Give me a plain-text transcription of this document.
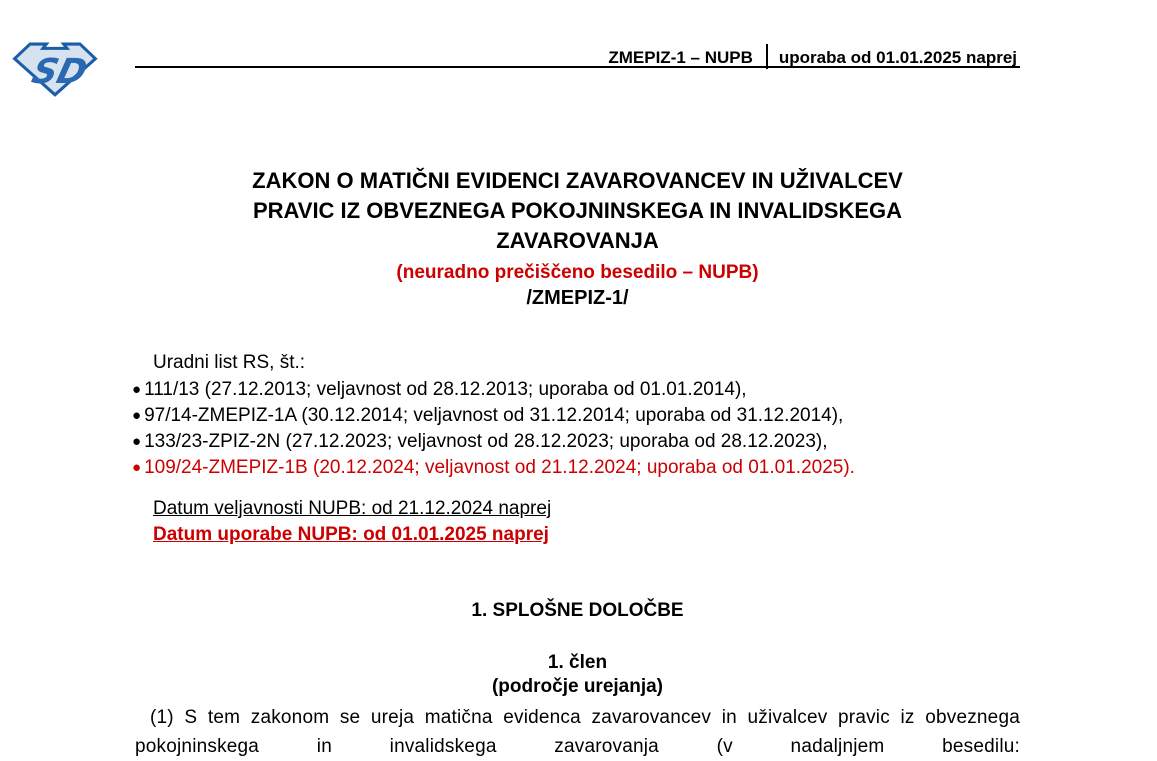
SD	ZMEPIZ-1 – NUPB uporaba od 01.01.2025 naprej
ZAKON O MATIČNI EVIDENCI ZAVAROVANCEV IN UŽIVALCEV
PRAVIC IZ OBVEZNEGA POKOJNINSKEGA IN INVALIDSKEGA
ZAVAROVANJA
(neuradno prečiščeno besedilo – NUPB)
/ZMEPIZ-1/
Uradni list RS, št.:
● 111/13 (27.12.2013; veljavnost od 28.12.2013; uporaba od 01.01.2014),
● 97/14-ZMEPIZ-1A (30.12.2014; veljavnost od 31.12.2014; uporaba od 31.12.2014),
● 133/23-ZPIZ-2N (27.12.2023; veljavnost od 28.12.2023; uporaba od 28.12.2023),
● 109/24-ZMEPIZ-1B (20.12.2024; veljavnost od 21.12.2024; uporaba od 01.01.2025).
Datum veljavnosti NUPB: od 21.12.2024 naprej
Datum uporabe NUPB: od 01.01.2025 naprej
1. SPLOŠNE DOLOČBE
1. člen
(področje urejanja)

(1) S tem zakonom se ureja matična evidenca zavarovancev in uživalcev pravic iz obveznega pokojninskega in invalidskega zavarovanja (v nadaljnjem besedilu:
